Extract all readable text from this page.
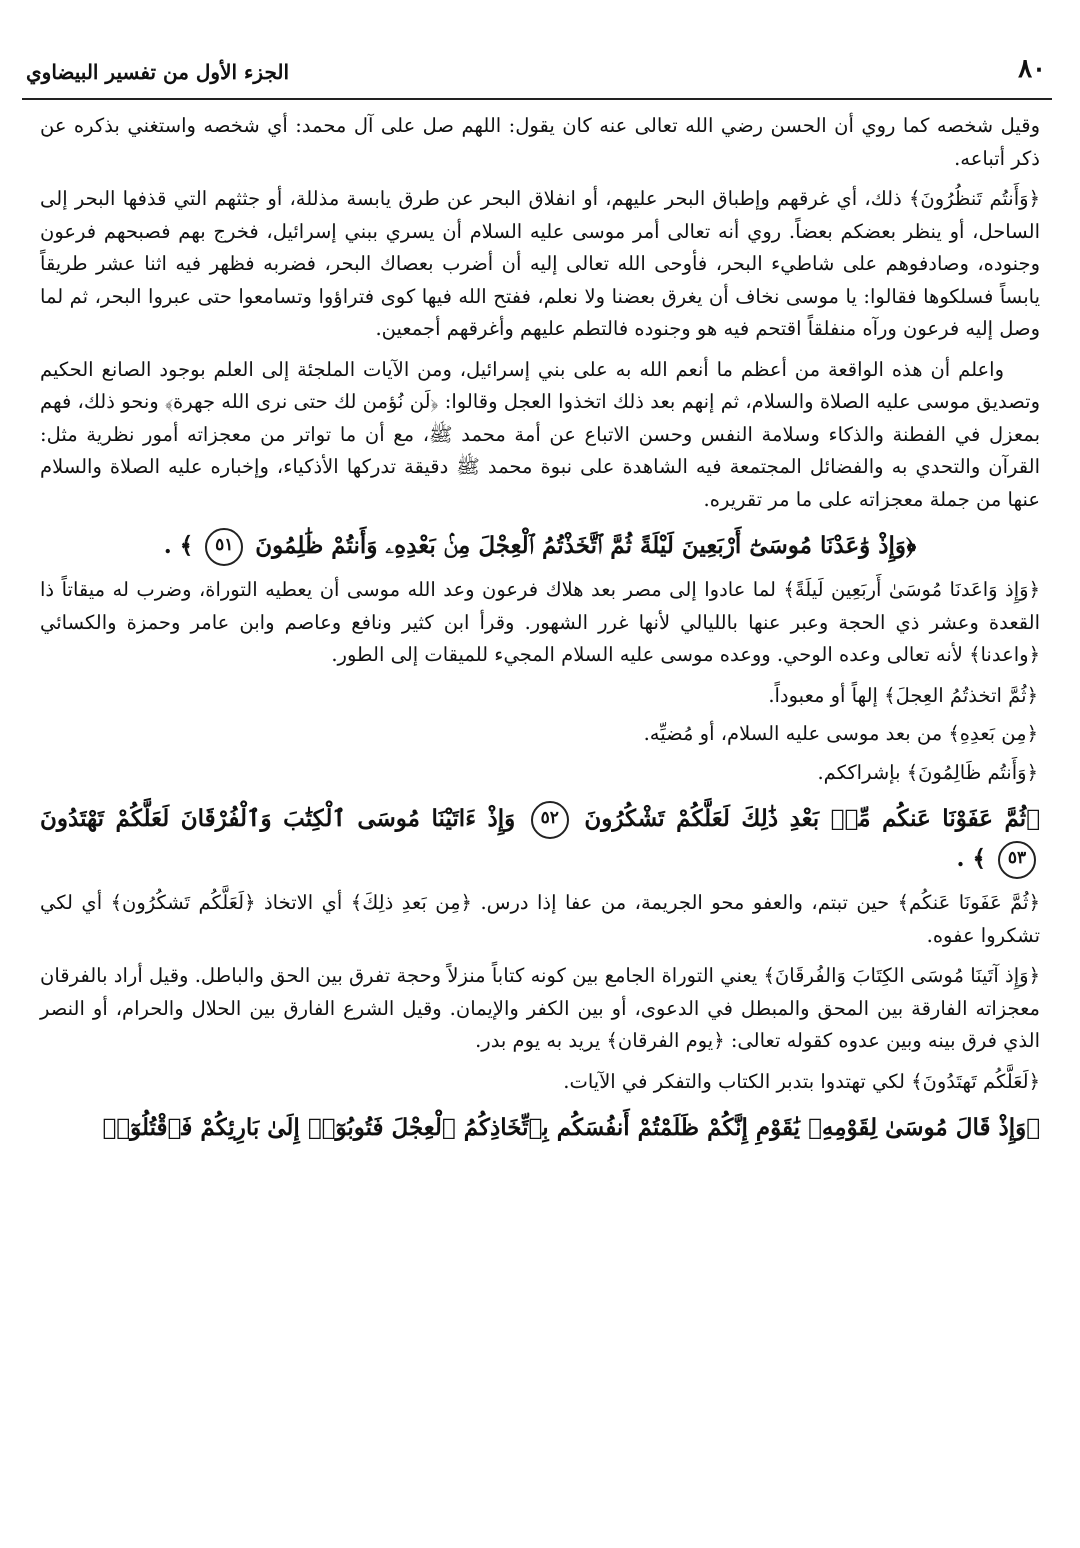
٨٠
الجزء الأول من تفسير البيضاوي

وقيل شخصه كما روي أن الحسن رضي الله تعالى عنه كان يقول: اللهم صل على آل محمد: أي شخصه واستغني بذكره عن ذكر أتباعه.

﴿وَأَنتُم تَنظُرُونَ﴾ ذلك، أي غرقهم وإطباق البحر عليهم، أو انفلاق البحر عن طرق يابسة مذللة، أو جثثهم التي قذفها البحر إلى الساحل، أو ينظر بعضكم بعضاً. روي أنه تعالى أمر موسى عليه السلام أن يسري ببني إسرائيل، فخرج بهم فصبحهم فرعون وجنوده، وصادفوهم على شاطيء البحر، فأوحى الله تعالى إليه أن أضرب بعصاك البحر، فضربه فظهر فيه اثنا عشر طريقاً يابساً فسلكوها فقالوا: يا موسى نخاف أن يغرق بعضنا ولا نعلم، ففتح الله فيها كوى فتراؤوا وتسامعوا حتى عبروا البحر، ثم لما وصل إليه فرعون ورآه منفلقاً اقتحم فيه هو وجنوده فالتطم عليهم وأغرقهم أجمعين.

واعلم أن هذه الواقعة من أعظم ما أنعم الله به على بني إسرائيل، ومن الآيات الملجئة إلى العلم بوجود الصانع الحكيم وتصديق موسى عليه الصلاة والسلام، ثم إنهم بعد ذلك اتخذوا العجل وقالوا: ﴿لَن نُؤمن لك حتى نرى الله جهرة﴾ ونحو ذلك، فهم بمعزل في الفطنة والذكاء وسلامة النفس وحسن الاتباع عن أمة محمد ﷺ، مع أن ما تواتر من معجزاته أمور نظرية مثل: القرآن والتحدي به والفضائل المجتمعة فيه الشاهدة على نبوة محمد ﷺ دقيقة تدركها الأذكياء، وإخباره عليه الصلاة والسلام عنها من جملة معجزاته على ما مر تقريره.

﴿وَإِذْ وَٰعَدْنَا مُوسَىٰٓ أَرْبَعِينَ لَيْلَةً ثُمَّ ٱتَّخَذْتُمُ ٱلْعِجْلَ مِنۢ بَعْدِهِۦ وَأَنتُمْ ظَٰلِمُونَ ٥١ ﴾ .

﴿وَإِذ وَاعَدنَا مُوسَىٰ أَربَعِين لَيلَةً﴾ لما عادوا إلى مصر بعد هلاك فرعون وعد الله موسى أن يعطيه التوراة، وضرب له ميقاتاً ذا القعدة وعشر ذي الحجة وعبر عنها بالليالي لأنها غرر الشهور. وقرأ ابن كثير ونافع وعاصم وابن عامر وحمزة والكسائي ﴿واعدنا﴾ لأنه تعالى وعده الوحي. ووعده موسى عليه السلام المجيء للميقات إلى الطور.

﴿ثُمَّ اتخذتُمُ العِجلَ﴾ إلهاً أو معبوداً.

﴿مِن بَعدِهِ﴾ من بعد موسى عليه السلام، أو مُضيِّه.

﴿وَأَنتُم ظَالِمُونَ﴾ بإشراككم.

﴿ثُمَّ عَفَوْنَا عَنكُم مِّنۢ بَعْدِ ذَٰلِكَ لَعَلَّكُمْ تَشْكُرُونَ ٥٢ وَإِذْ ءَاتَيْنَا مُوسَى ٱلْكِتَٰبَ وَٱلْفُرْقَانَ لَعَلَّكُمْ تَهْتَدُونَ ٥٣ ﴾ .

﴿ثُمَّ عَفَونَا عَنكُم﴾ حين تبتم، والعفو محو الجريمة، من عفا إذا درس. ﴿مِن بَعدِ ذلِكَ﴾ أي الاتخاذ ﴿لَعَلَّكُم تَشكُرُون﴾ أي لكي تشكروا عفوه.

﴿وَإِذ آتَينَا مُوسَى الكِتَابَ وَالفُرقَانَ﴾ يعني التوراة الجامع بين كونه كتاباً منزلاً وحجة تفرق بين الحق والباطل. وقيل أراد بالفرقان معجزاته الفارقة بين المحق والمبطل في الدعوى، أو بين الكفر والإيمان. وقيل الشرع الفارق بين الحلال والحرام، أو النصر الذي فرق بينه وبين عدوه كقوله تعالى: ﴿يوم الفرقان﴾ يريد به يوم بدر.

﴿لَعَلَّكُم تَهتَدُونَ﴾ لكي تهتدوا بتدبر الكتاب والتفكر في الآيات.

﴿وَإِذْ قَالَ مُوسَىٰ لِقَوْمِهِۦ يَٰقَوْمِ إِنَّكُمْ ظَلَمْتُمْ أَنفُسَكُم بِٱتِّخَاذِكُمُ ٱلْعِجْلَ فَتُوبُوٓا۟ إِلَىٰ بَارِئِكُمْ فَٱقْتُلُوٓا۟
